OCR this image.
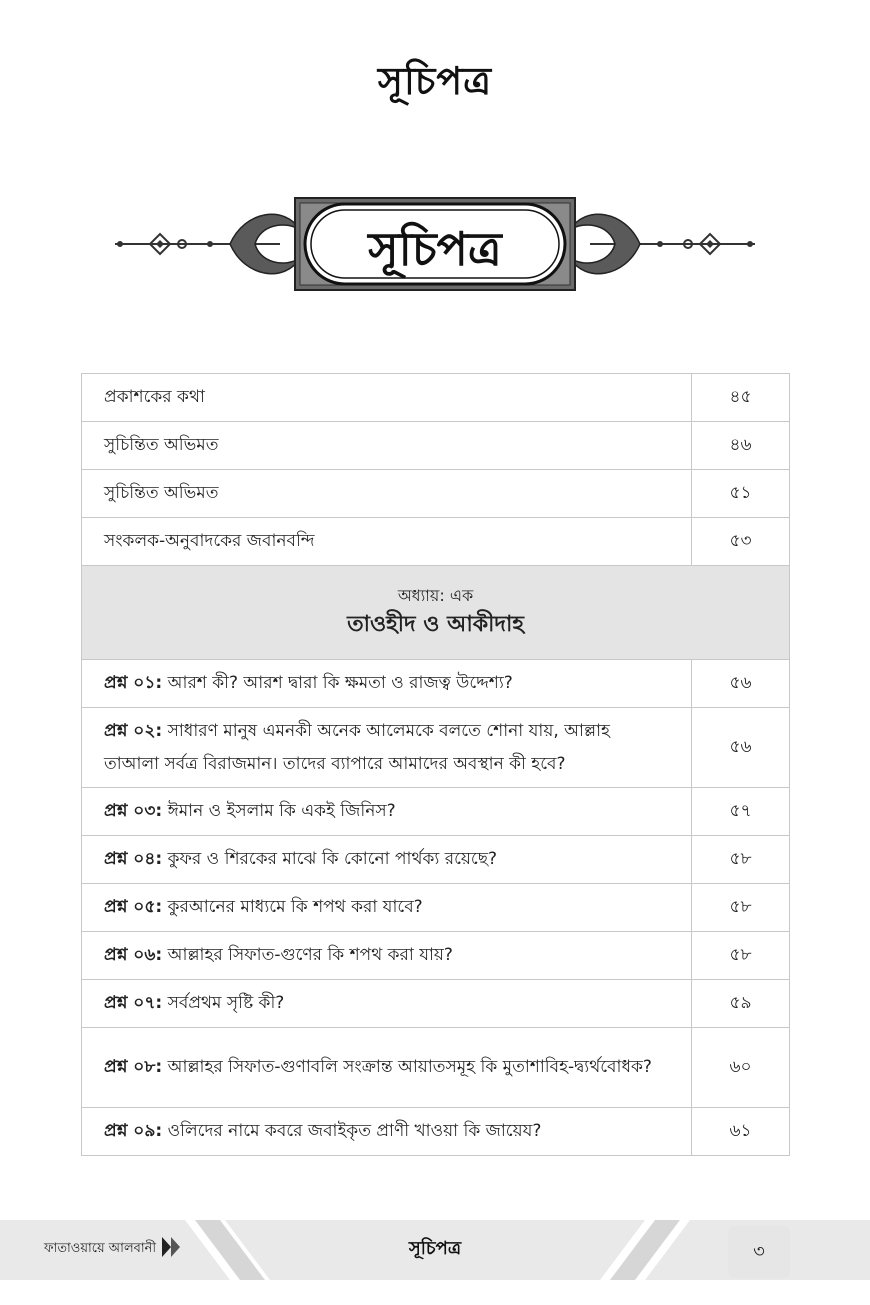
সূচিপত্র
সূচিপত্র
প্রকাশকের কথা	৪৫
সুচিন্তিত অভিমত	৪৬
সুচিন্তিত অভিমত	৫১
সংকলক-অনুবাদকের জবানবন্দি	৫৩

অধ্যায়: এক
তাওহীদ ও আকীদাহ	

প্রশ্ন ০১: আরশ কী? আরশ দ্বারা কি ক্ষমতা ও রাজত্ব উদ্দেশ্য?	৫৬
প্রশ্ন ০২: সাধারণ মানুষ এমনকী অনেক আলেমকে বলতে শোনা যায়, আল্লাহ তাআলা সর্বত্র বিরাজমান। তাদের ব্যাপারে আমাদের অবস্থান কী হবে?	৫৬
প্রশ্ন ০৩: ঈমান ও ইসলাম কি একই জিনিস?	৫৭
প্রশ্ন ০৪: কুফর ও শিরকের মাঝে কি কোনো পার্থক্য রয়েছে?	৫৮
প্রশ্ন ০৫: কুরআনের মাধ্যমে কি শপথ করা যাবে?	৫৮
প্রশ্ন ০৬: আল্লাহর সিফাত-গুণের কি শপথ করা যায়?	৫৮
প্রশ্ন ০৭: সর্বপ্রথম সৃষ্টি কী?	৫৯
প্রশ্ন ০৮: আল্লাহর সিফাত-গুণাবলি সংক্রান্ত আয়াতসমূহ কি মুতাশাবিহ-দ্ব্যর্থবোধক?	৬০
প্রশ্ন ০৯: ওলিদের নামে কবরে জবাইকৃত প্রাণী খাওয়া কি জায়েয?	৬১
ফাতাওয়ায়ে আলবানী	সূচিপত্র	৩
